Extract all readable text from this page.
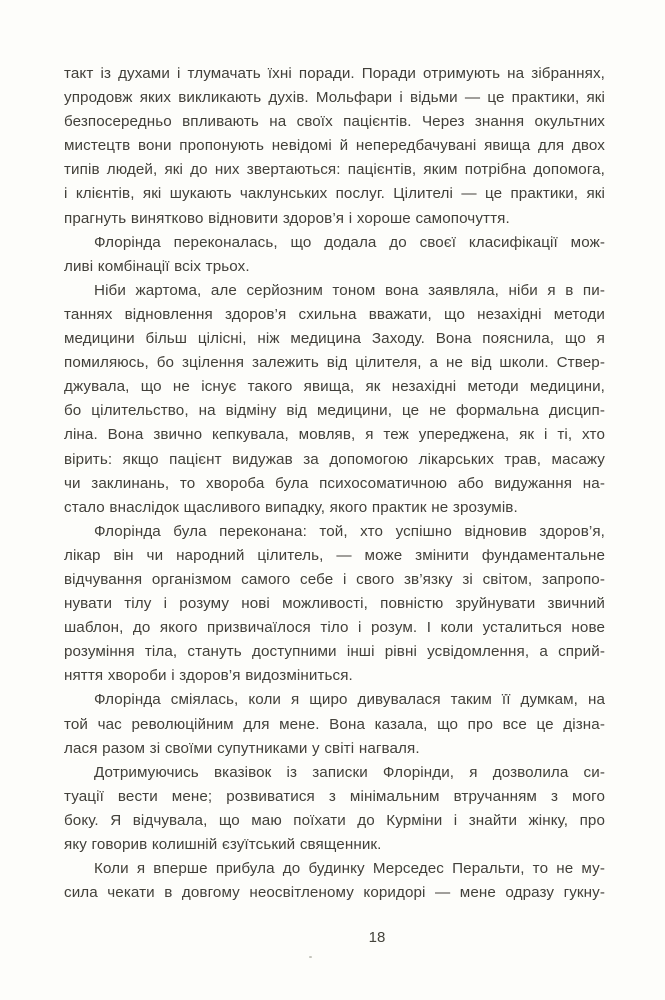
такт із духами і тлумачать їхні поради. Поради отримують на зібраннях,
упродовж яких викликають духів. Мольфари і відьми — це практики, які
безпосередньо впливають на своїх пацієнтів. Через знання окультних
мистецтв вони пропонують невідомі й непередбачувані явища для двох
типів людей, які до них звертаються: пацієнтів, яким потрібна допомога,
і клієнтів, які шукають чаклунських послуг. Цілителі — це практики, які
прагнуть винятково відновити здоров’я і хороше самопочуття.
Флорінда переконалась, що додала до своєї класифікації мож-
ливі комбінації всіх трьох.
Ніби жартома, але серйозним тоном вона заявляла, ніби я в пи-
таннях відновлення здоров’я схильна вважати, що незахідні методи
медицини більш цілісні, ніж медицина Заходу. Вона пояснила, що я
помиляюсь, бо зцілення залежить від цілителя, а не від школи. Ствер-
джувала, що не існує такого явища, як незахідні методи медицини,
бо цілительство, на відміну від медицини, це не формальна дисцип-
ліна. Вона звично кепкувала, мовляв, я теж упереджена, як і ті, хто
вірить: якщо пацієнт видужав за допомогою лікарських трав, масажу
чи заклинань, то хвороба була психосоматичною або видужання на-
стало внаслідок щасливого випадку, якого практик не зрозумів.
Флорінда була переконана: той, хто успішно відновив здоров’я,
лікар він чи народний цілитель, — може змінити фундаментальне
відчування організмом самого себе і свого зв’язку зі світом, запропо-
нувати тілу і розуму нові можливості, повністю зруйнувати звичний
шаблон, до якого призвичаїлося тіло і розум. І коли усталиться нове
розуміння тіла, стануть доступними інші рівні усвідомлення, а сприй-
няття хвороби і здоров’я видозміниться.
Флорінда сміялась, коли я щиро дивувалася таким її думкам, на
той час революційним для мене. Вона казала, що про все це дізна-
лася разом зі своїми супутниками у світі нагваля.
Дотримуючись вказівок із записки Флорінди, я дозволила си-
туації вести мене; розвиватися з мінімальним втручанням з мого
боку. Я відчувала, що маю поїхати до Курміни і знайти жінку, про
яку говорив колишній єзуїтський священник.
Коли я вперше прибула до будинку Мерседес Перальти, то не му-
сила чекати в довгому неосвітленому коридорі — мене одразу гукну-
18
